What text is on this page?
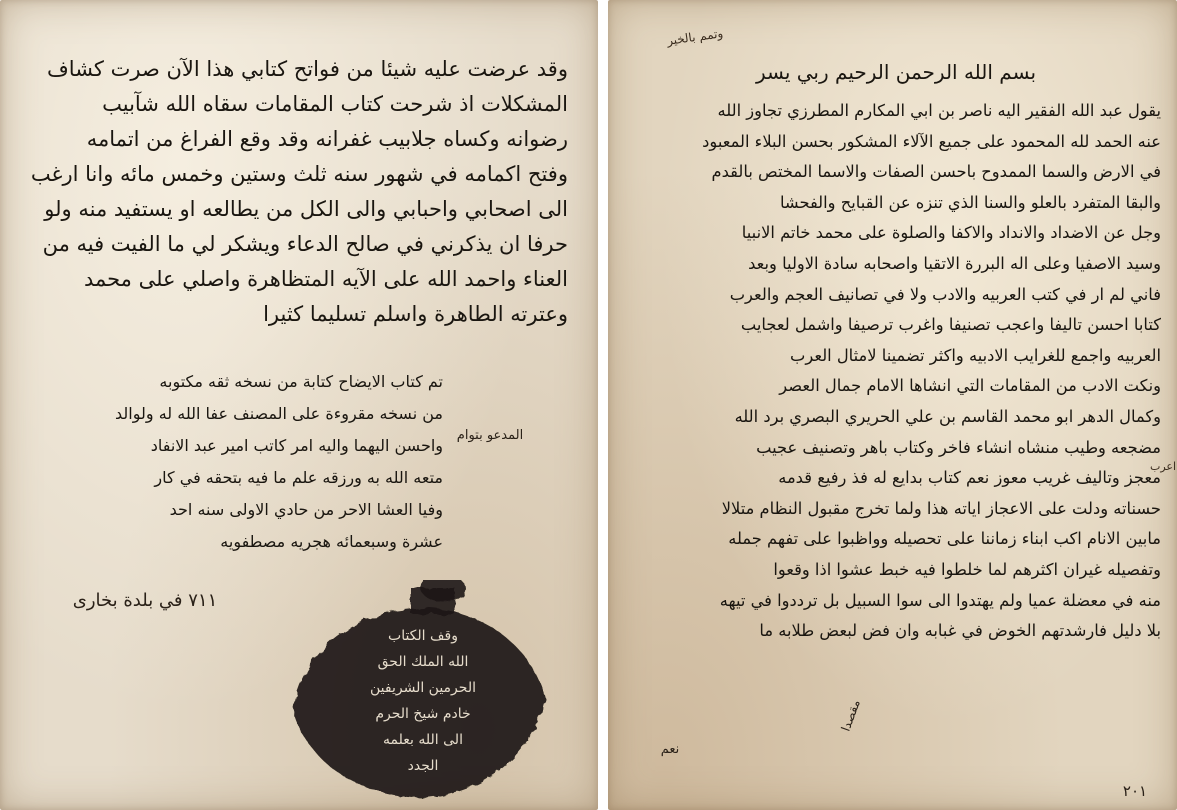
وقد عرضت عليه شيئا من فواتح كتابي هذا الآن صرت كشاف
المشكلات اذ شرحت كتاب المقامات سقاه الله شآبيب
رضوانه وكساه جلابيب غفرانه وقد وقع الفراغ من اتمامه
وفتح اكمامه في شهور سنه ثلث وستين وخمس مائه وانا ارغب
الى اصحابي واحبابي والى الكل من يطالعه او يستفيد منه ولو
حرفا ان يذكرني في صالح الدعاء ويشكر لي ما الفيت فيه من
العناء واحمد الله على الآيه المتظاهرة واصلي على محمد
وعترته الطاهرة واسلم تسليما كثيرا
تم كتاب الايضاح كتابة من نسخه ثقه مكتوبه
من نسخه مقروءة على المصنف عفا الله له ولوالد
واحسن اليهما واليه امر كاتب امير عبد الانفاد
متعه الله به ورزقه علم ما فيه بتحقه في كار
وفيا العشا الاحر من حادي الاولى سنه احد
عشرة وسبعمائه هجريه مصطفويه
المدعو بتوام
٧١١ في بلدة بخارى
وقف الكتاب
الله الملك الحق
الحرمين الشريفين
خادم شيخ الحرم
الى الله بعلمه
الجدد
وتمم بالخير
بسم الله الرحمن الرحيم ربي يسر
يقول عبد الله الفقير اليه ناصر بن ابي المكارم المطرزي تجاوز الله
عنه الحمد لله المحمود على جميع الآلاء المشكور بحسن البلاء المعبود
في الارض والسما الممدوح باحسن الصفات والاسما المختص بالقدم
والبقا المتفرد بالعلو والسنا الذي تنزه عن القبايح والفحشا
وجل عن الاضداد والانداد والاكفا والصلوة على محمد خاتم الانبيا
وسيد الاصفيا وعلى اله البررة الاتقيا واصحابه سادة الاوليا وبعد
فاني لم ار في كتب العربيه والادب ولا في تصانيف العجم والعرب
كتابا احسن تاليفا واعجب تصنيفا واغرب ترصيفا واشمل لعجايب
العربيه واجمع للغرايب الادبيه واكثر تضمينا لامثال العرب
ونكت الادب من المقامات التي انشاها الامام جمال العصر
وكمال الدهر ابو محمد القاسم بن علي الحريري البصري برد الله
مضجعه وطيب منشاه انشاء فاخر وكتاب باهر وتصنيف عجيب
معجز وتاليف غريب معوز نعم كتاب بدايع له فذ رفيع قدمه
حسناته ودلت على الاعجاز اياته هذا ولما تخرج مقبول النظام متلالا
مابين الانام اكب ابناء زماننا على تحصيله وواظبوا على تفهم جمله
وتفصيله غيران اكثرهم لما خلطوا فيه خبط عشوا اذا وقعوا
منه في معضلة عميا ولم يهتدوا الى سوا السبيل بل ترددوا في تيهه
بلا دليل فارشدتهم الخوض في غبابه وان فض لبعض طلابه ما
اعرب
نعم
مقصدا
٢٠١
